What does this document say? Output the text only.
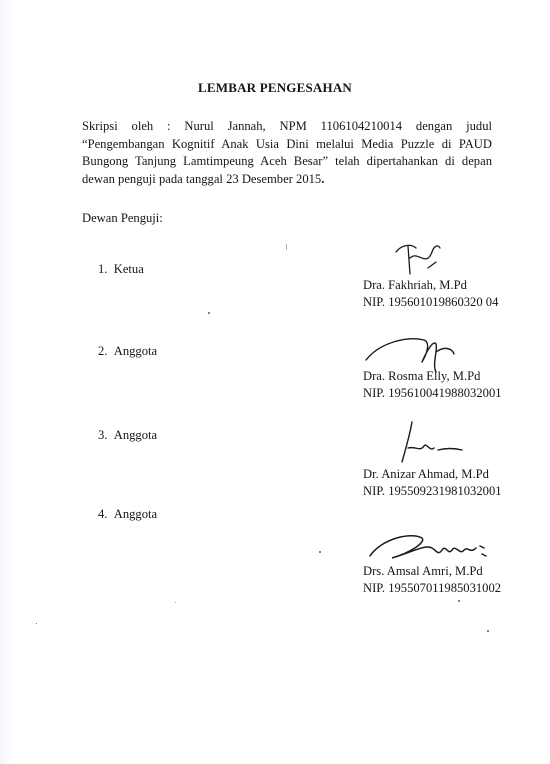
LEMBAR PENGESAHAN
Skripsi oleh : Nurul Jannah, NPM 1106104210014 dengan judul “Pengembangan Kognitif Anak Usia Dini melalui Media Puzzle di PAUD Bungong Tanjung Lamtimpeung Aceh Besar” telah dipertahankan di depan dewan penguji pada tanggal 23 Desember 2015.
Dewan Penguji:
1.  Ketua
Dra. Fakhriah, M.Pd
NIP. 195601019860320 04
2.  Anggota
Dra. Rosma Elly, M.Pd
NIP. 195610041988032001
3.  Anggota
Dr. Anizar Ahmad, M.Pd
NIP. 195509231981032001
4.  Anggota
Drs. Amsal Amri, M.Pd
NIP. 195507011985031002
